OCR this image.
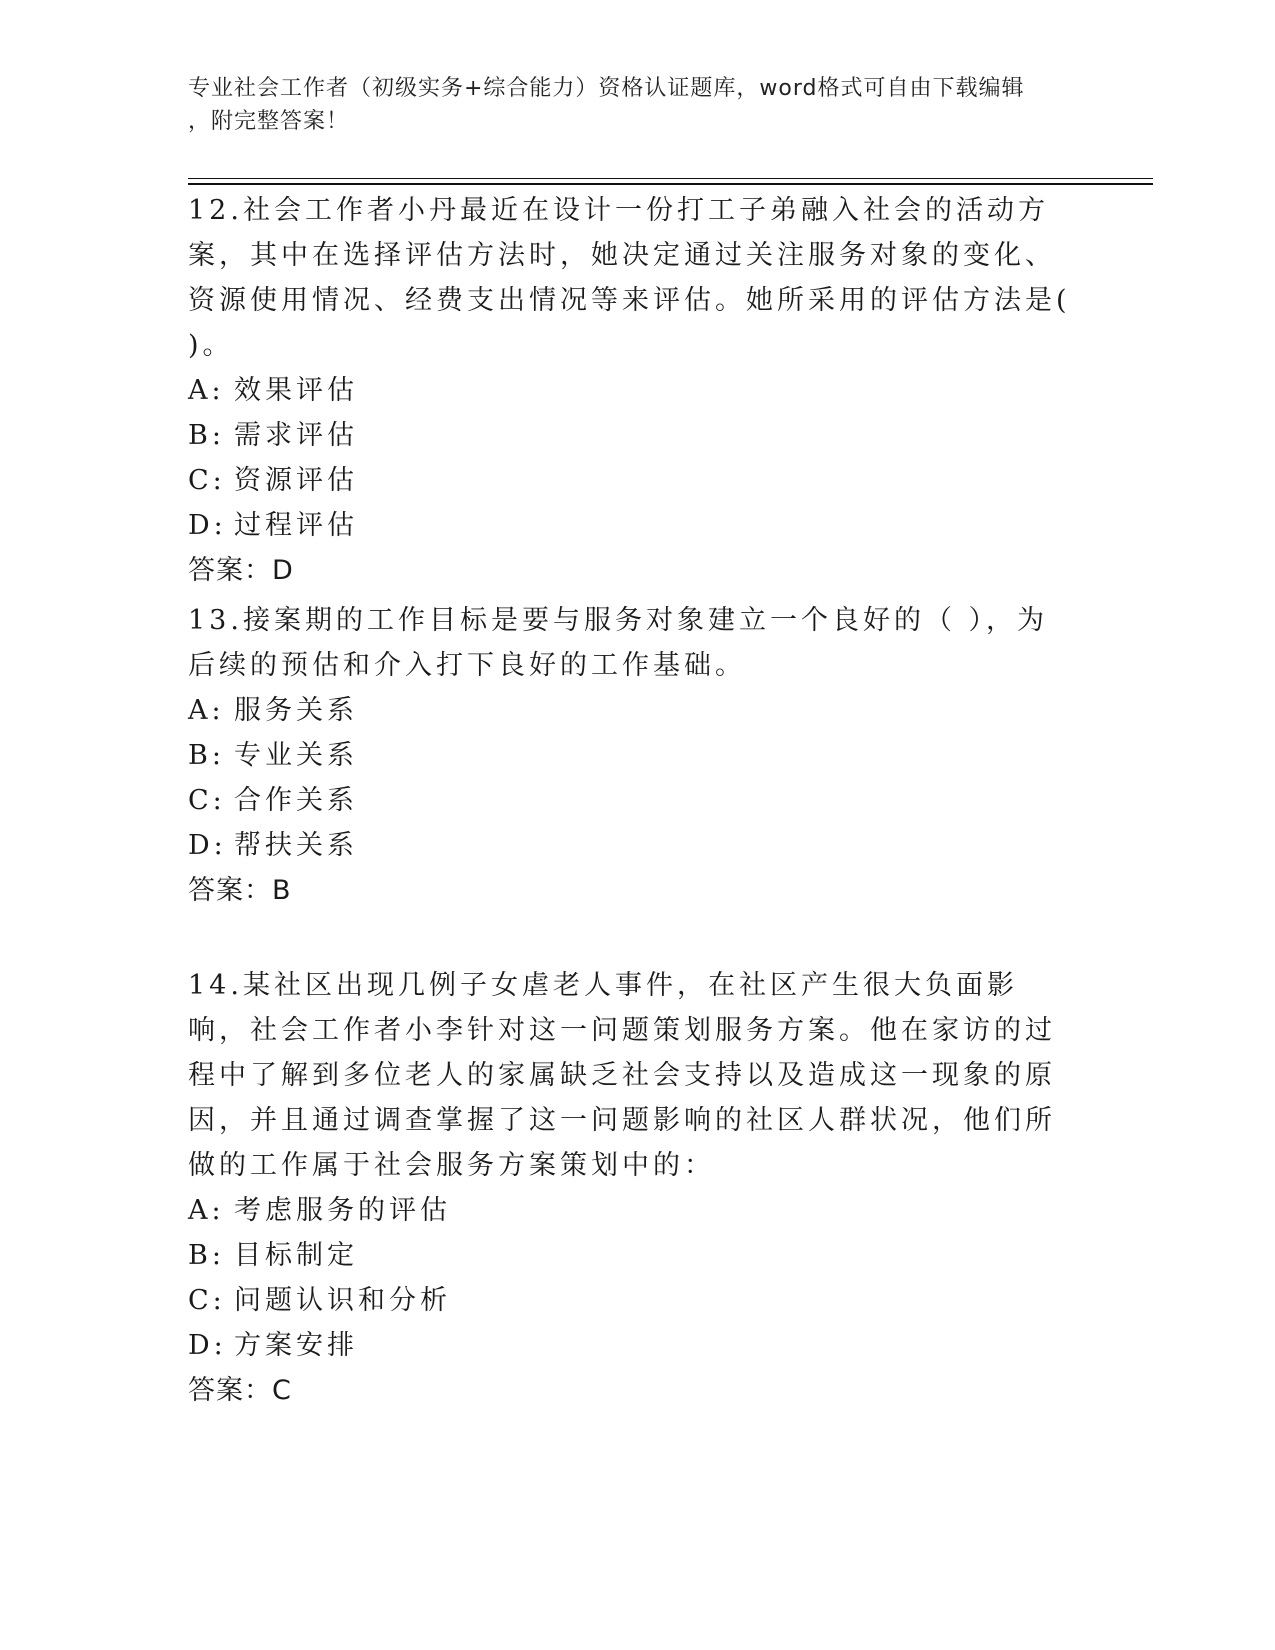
专业社会工作者（初级实务+综合能力）资格认证题库，word格式可自由下载编辑
，附完整答案！

12.社会工作者小丹最近在设计一份打工子弟融入社会的活动方案，其中在选择评估方法时，她决定通过关注服务对象的变化、资源使用情况、经费支出情况等来评估。她所采用的评估方法是( )。

A: 效果评估

B: 需求评估

C: 资源评估

D: 过程评估

答案：D

13.接案期的工作目标是要与服务对象建立一个良好的（ ），为后续的预估和介入打下良好的工作基础。

A: 服务关系

B: 专业关系

C: 合作关系

D: 帮扶关系

答案：B

14.某社区出现几例子女虐老人事件，在社区产生很大负面影响，社会工作者小李针对这一问题策划服务方案。他在家访的过程中了解到多位老人的家属缺乏社会支持以及造成这一现象的原因，并且通过调查掌握了这一问题影响的社区人群状况，他们所做的工作属于社会服务方案策划中的：

A: 考虑服务的评估

B: 目标制定

C: 问题认识和分析

D: 方案安排

答案：C
